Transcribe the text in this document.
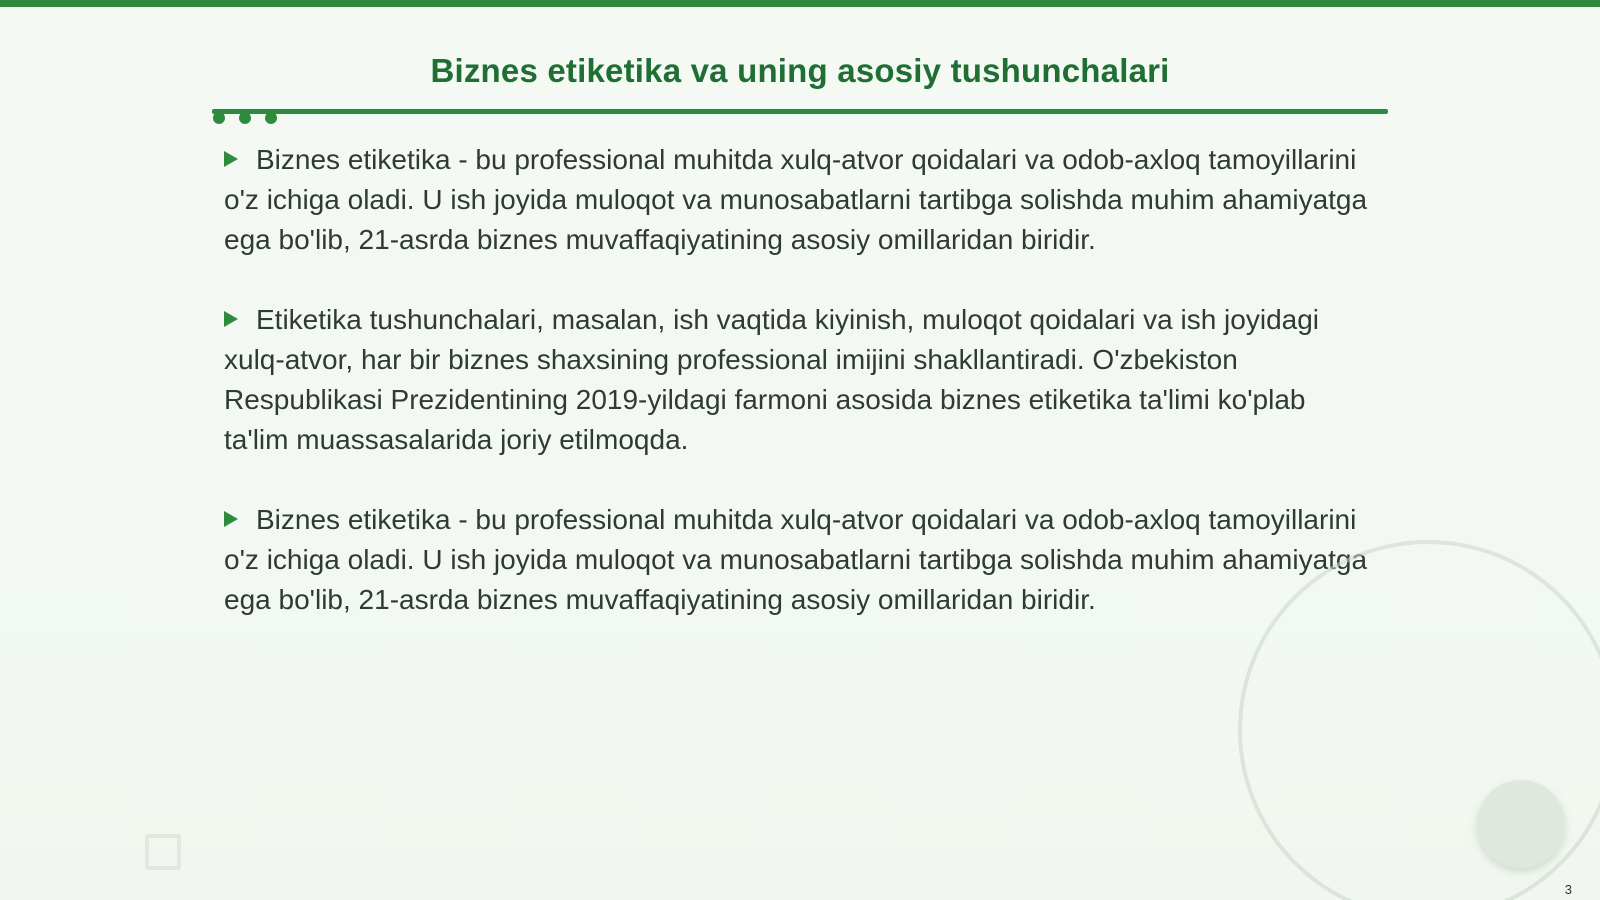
Biznes etiketika va uning asosiy tushunchalari
Biznes etiketika - bu professional muhitda xulq-atvor qoidalari va odob-axloq tamoyillarini o'z ichiga oladi. U ish joyida muloqot va munosabatlarni tartibga solishda muhim ahamiyatga ega bo'lib, 21-asrda biznes muvaffaqiyatining asosiy omillaridan biridir.
Etiketika tushunchalari, masalan, ish vaqtida kiyinish, muloqot qoidalari va ish joyidagi xulq-atvor, har bir biznes shaxsining professional imijini shakllantiradi. O'zbekiston Respublikasi Prezidentining 2019-yildagi farmoni asosida biznes etiketika ta'limi ko'plab ta'lim muassasalarida joriy etilmoqda.
Biznes etiketika - bu professional muhitda xulq-atvor qoidalari va odob-axloq tamoyillarini o'z ichiga oladi. U ish joyida muloqot va munosabatlarni tartibga solishda muhim ahamiyatga ega bo'lib, 21-asrda biznes muvaffaqiyatining asosiy omillaridan biridir.
3
